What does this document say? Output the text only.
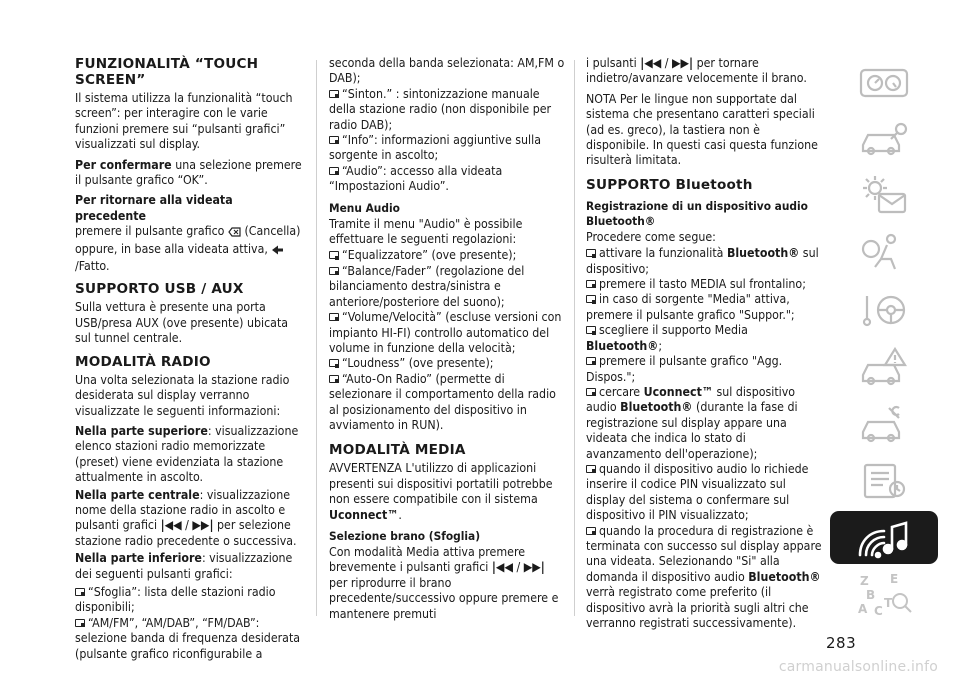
FUNZIONALITÀ “TOUCH SCREEN”

Il sistema utilizza la funzionalità “touch screen”: per interagire con le varie funzioni premere sui “pulsanti grafici” visualizzati sul display.

Per confermare una selezione premere il pulsante grafico “OK”.

Per ritornare alla videata precedente
premere il pulsante grafico  (Cancella) oppure, in base alla videata attiva,  /Fatto.

SUPPORTO USB / AUX

Sulla vettura è presente una porta USB/presa AUX (ove presente) ubicata sul tunnel centrale.

MODALITÀ RADIO

Una volta selezionata la stazione radio desiderata sul display verranno visualizzate le seguenti informazioni:

Nella parte superiore: visualizzazione elenco stazioni radio memorizzate (preset) viene evidenziata la stazione attualmente in ascolto.

Nella parte centrale: visualizzazione nome della stazione radio in ascolto e pulsanti grafici |◀◀ / ▶▶| per selezione stazione radio precedente o successiva.

Nella parte inferiore: visualizzazione dei seguenti pulsanti grafici:

“Sfoglia”: lista delle stazioni radio disponibili;

“AM/FM”, “AM/DAB”, “FM/DAB”: selezione banda di frequenza desiderata (pulsante grafico riconfigurabile a

seconda della banda selezionata: AM,FM o DAB);

“Sinton.” : sintonizzazione manuale della stazione radio (non disponibile per radio DAB);

“Info”: informazioni aggiuntive sulla sorgente in ascolto;

“Audio”: accesso alla videata “Impostazioni Audio”.

Menu Audio

Tramite il menu "Audio" è possibile effettuare le seguenti regolazioni:

“Equalizzatore” (ove presente);

“Balance/Fader” (regolazione del bilanciamento destra/sinistra e anteriore/posteriore del suono);

“Volume/Velocità” (escluse versioni con impianto HI-FI) controllo automatico del volume in funzione della velocità;

“Loudness” (ove presente);

“Auto-On Radio” (permette di selezionare il comportamento della radio al posizionamento del dispositivo in avviamento in RUN).

MODALITÀ MEDIA

AVVERTENZA L'utilizzo di applicazioni presenti sui dispositivi portatili potrebbe non essere compatibile con il sistema Uconnect™.

Selezione brano (Sfoglia)

Con modalità Media attiva premere brevemente i pulsanti grafici |◀◀ / ▶▶| per riprodurre il brano precedente/successivo oppure premere e mantenere premuti

i pulsanti |◀◀ / ▶▶| per tornare indietro/avanzare velocemente il brano.

NOTA Per le lingue non supportate dal sistema che presentano caratteri speciali (ad es. greco), la tastiera non è disponibile. In questi casi questa funzione risulterà limitata.

SUPPORTO Bluetooth
Registrazione di un dispositivo audio Bluetooth®

Procedere come segue:

attivare la funzionalità Bluetooth® sul dispositivo;

premere il tasto MEDIA sul frontalino;

in caso di sorgente "Media" attiva, premere il pulsante grafico "Suppor.";

scegliere il supporto Media Bluetooth®;

premere il pulsante grafico "Agg. Dispos.";

cercare Uconnect™ sul dispositivo audio Bluetooth® (durante la fase di registrazione sul display appare una videata che indica lo stato di avanzamento dell'operazione);

quando il dispositivo audio lo richiede inserire il codice PIN visualizzato sul display del sistema o confermare sul dispositivo il PIN visualizzato;

quando la procedura di registrazione è terminata con successo sul display appare una videata. Selezionando "Si" alla domanda il dispositivo audio Bluetooth® verrà registrato come preferito (il dispositivo avrà la priorità sugli altri che verranno registrati successivamente).

Z E
B
A C
T
283
carmanualsonline.info
